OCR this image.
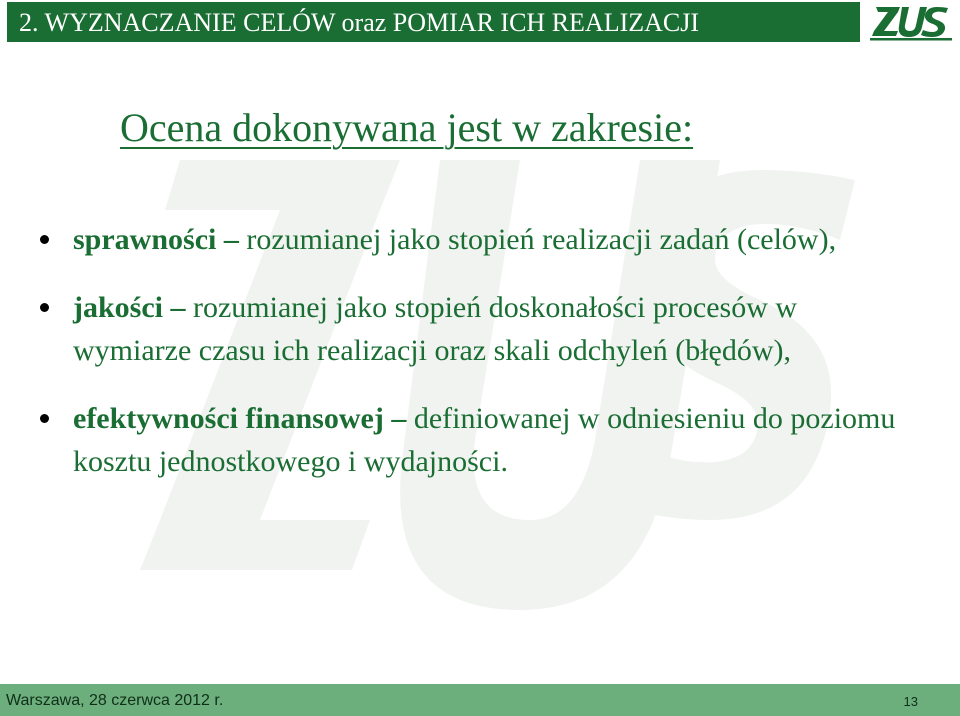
2. WYZNACZANIE CELÓW oraz POMIAR ICH REALIZACJI
Ocena dokonywana jest w zakresie:
sprawności – rozumianej jako stopień realizacji zadań (celów),
jakości – rozumianej jako stopień doskonałości procesów w wymiarze czasu ich realizacji oraz skali odchyleń (błędów),
efektywności finansowej – definiowanej w odniesieniu do poziomu kosztu jednostkowego i wydajności.
Warszawa, 28 czerwca 2012 r.	13
